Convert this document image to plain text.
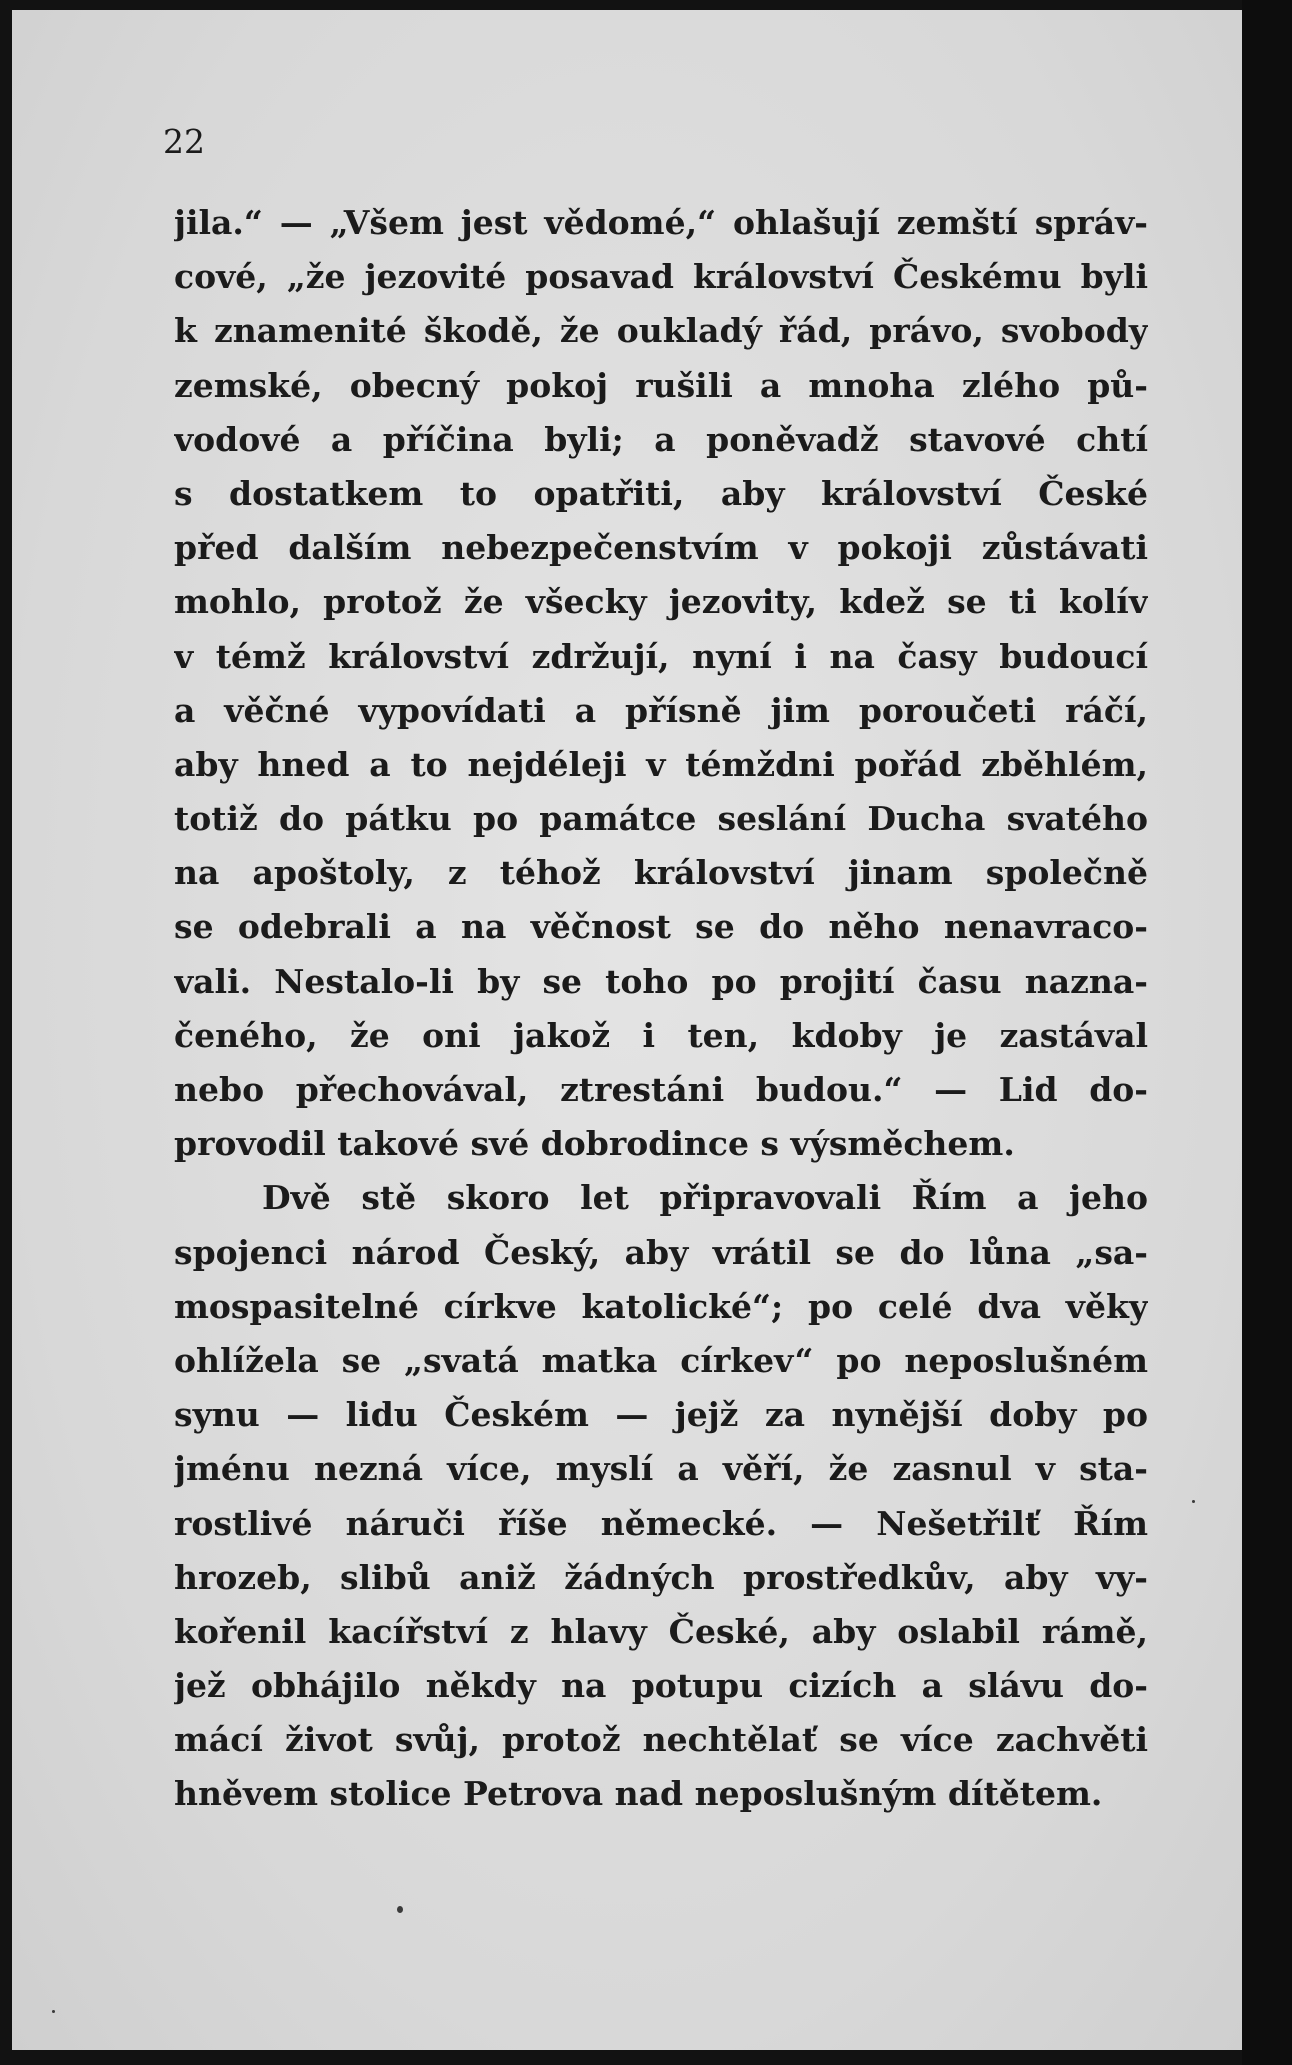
22
jila.“ — „Všem jest vědomé,“ ohlašují zemští správ-
cové, „že jezovité posavad království Českému byli
k znamenité škodě, že oukladý řád, právo, svobody
zemské, obecný pokoj rušili a mnoha zlého pů-
vodové a příčina byli; a poněvadž stavové chtí
s dostatkem to opatřiti, aby království České
před dalším nebezpečenstvím v pokoji zůstávati
mohlo, protož že všecky jezovity, kdež se ti kolív
v témž království zdržují, nyní i na časy budoucí
a věčné vypovídati a přísně jim poroučeti ráčí,
aby hned a to nejdéleji v témždni pořád zběhlém,
totiž do pátku po památce seslání Ducha svatého
na apoštoly, z téhož království jinam společně
se odebrali a na věčnost se do něho nenavraco-
vali. Nestalo-li by se toho po projití času nazna-
čeného, že oni jakož i ten, kdoby je zastával
nebo přechovával, ztrestáni budou.“ — Lid do-
provodil takové své dobrodince s výsměchem.
Dvě stě skoro let připravovali Řím a jeho
spojenci národ Český, aby vrátil se do lůna „sa-
mospasitelné církve katolické“; po celé dva věky
ohlížela se „svatá matka církev“ po neposlušném
synu — lidu Českém — jejž za nynější doby po
jménu nezná více, myslí a věří, že zasnul v sta-
rostlivé náruči říše německé. — Nešetřilť Řím
hrozeb, slibů aniž žádných prostředkův, aby vy-
kořenil kacířství z hlavy České, aby oslabil rámě,
jež obhájilo někdy na potupu cizích a slávu do-
mácí život svůj, protož nechtělať se více zachvěti
hněvem stolice Petrova nad neposlušným dítětem.
